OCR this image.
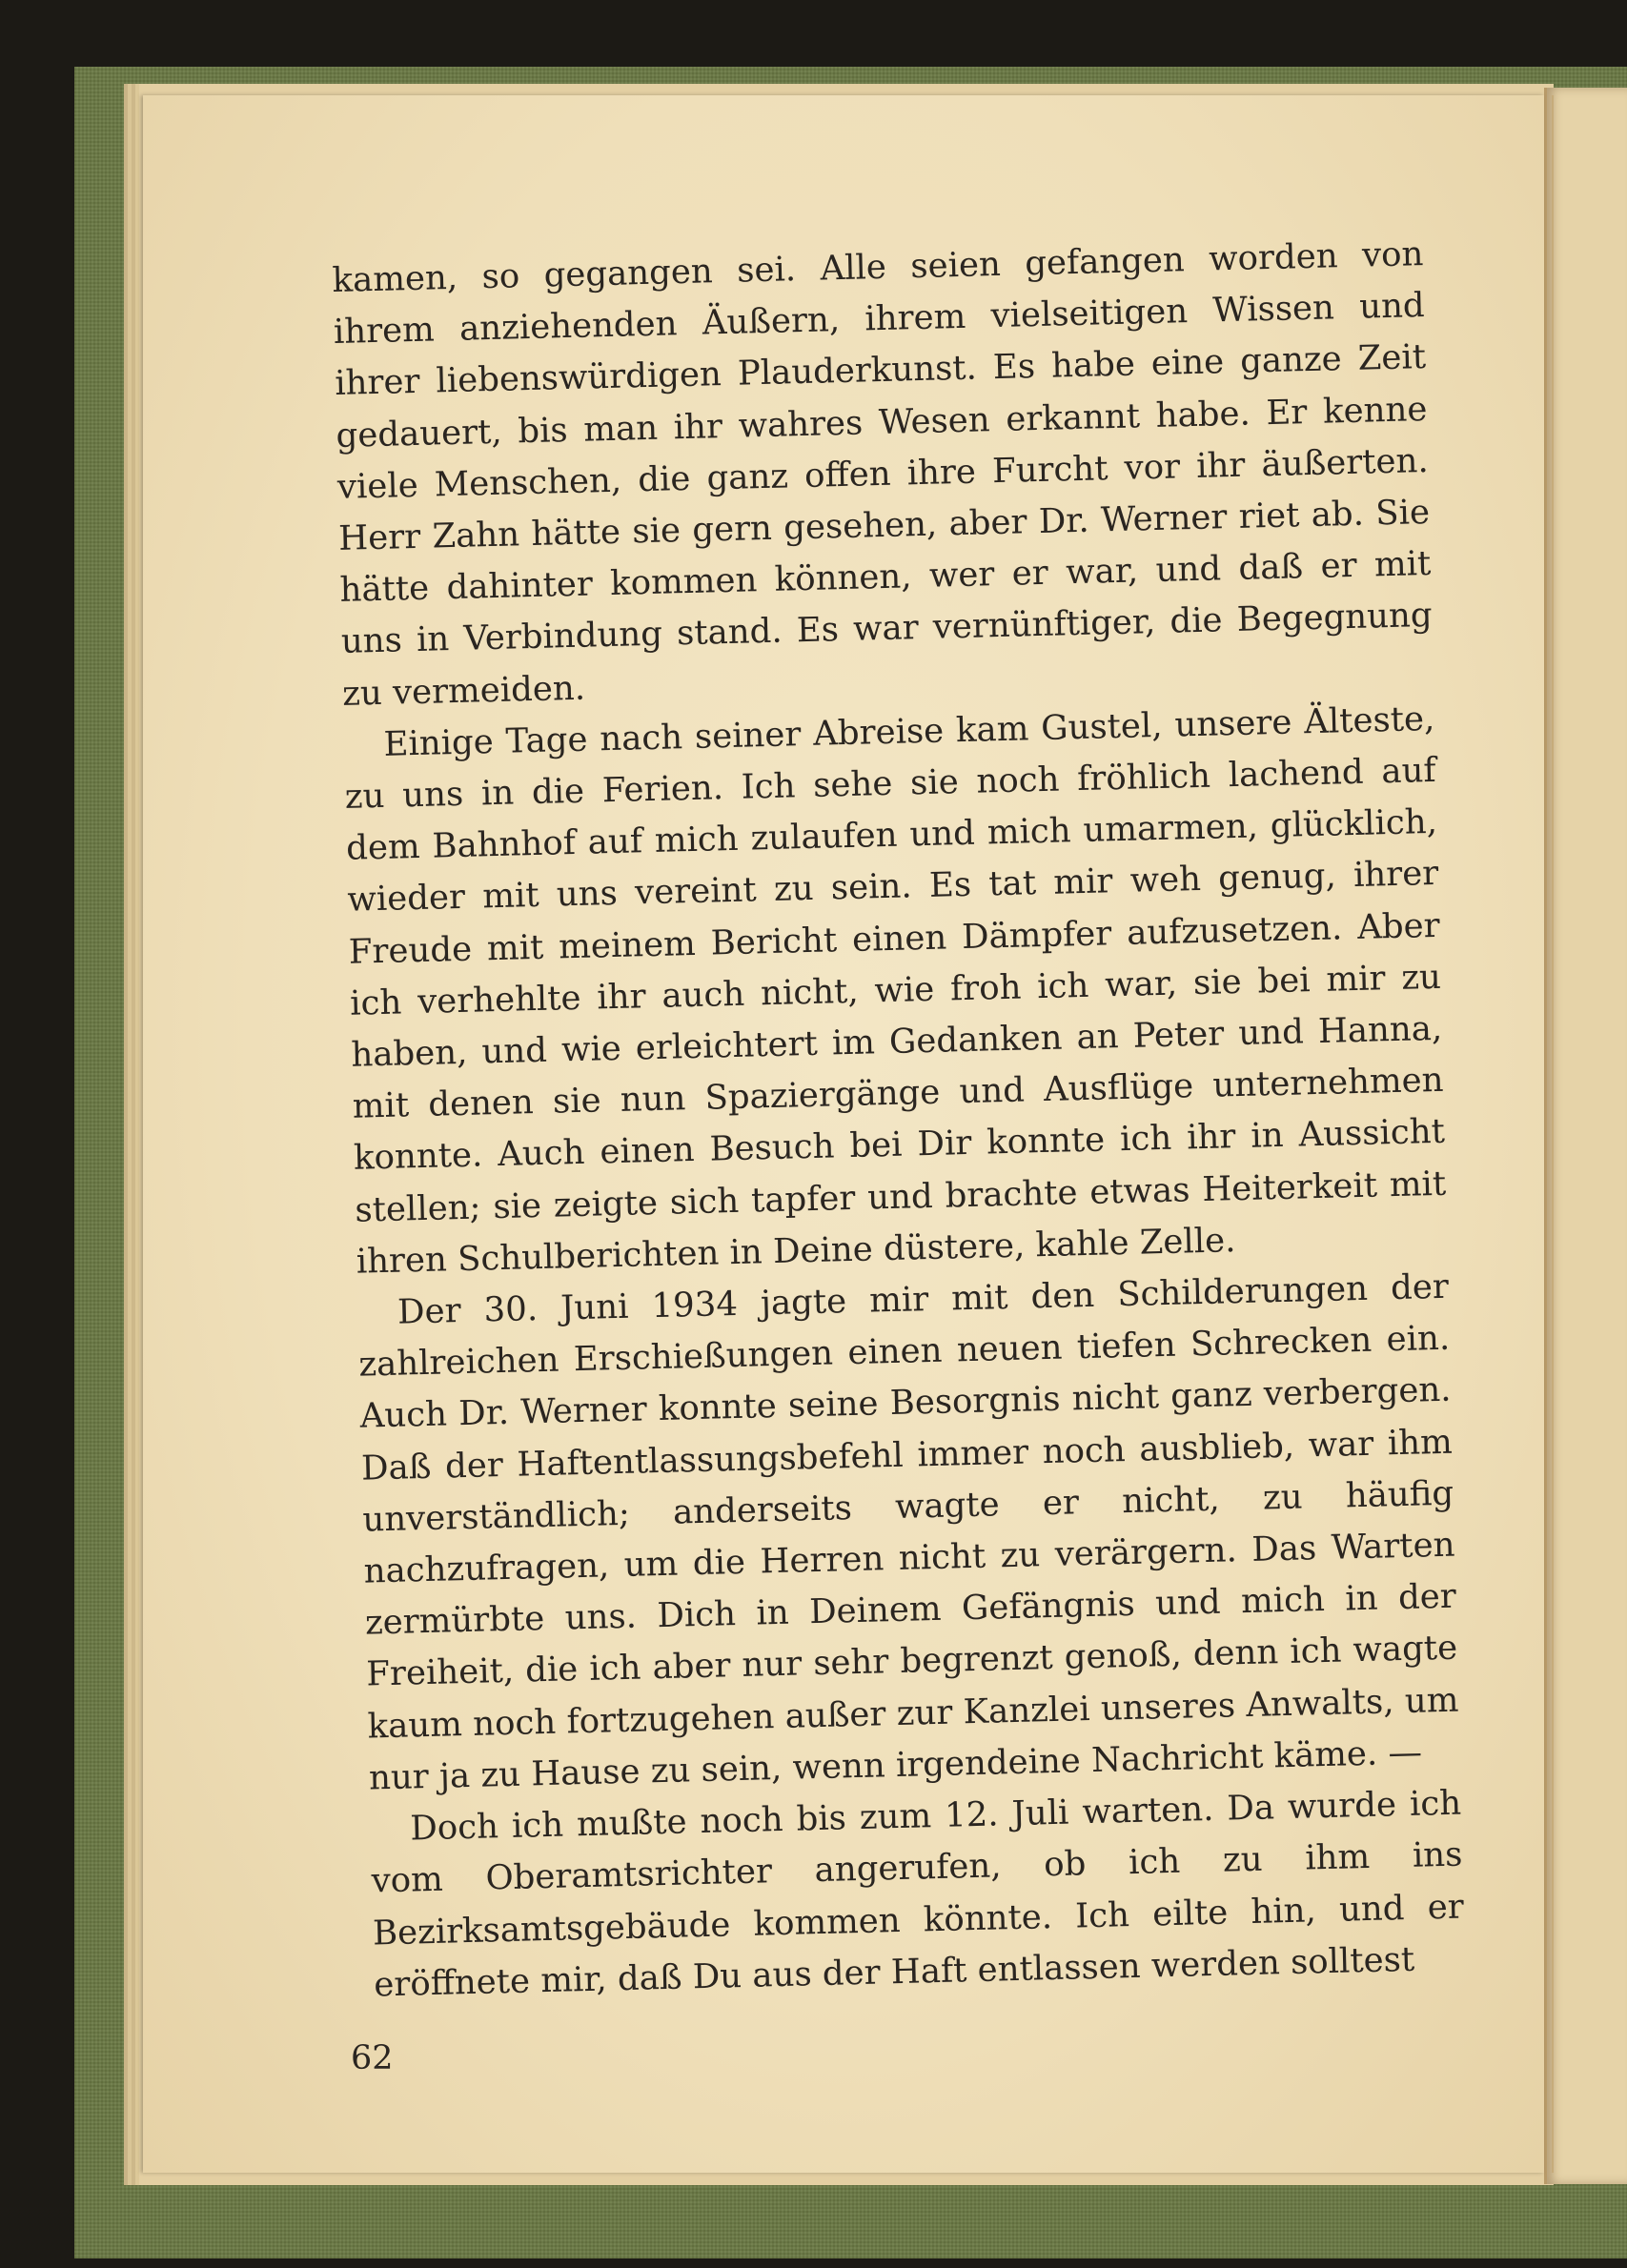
kamen, so gegangen sei. Alle seien gefangen worden von ihrem anziehenden Äußern, ihrem vielseitigen Wissen und ihrer liebenswürdigen Plauderkunst. Es habe eine ganze Zeit gedauert, bis man ihr wahres Wesen erkannt habe. Er kenne viele Menschen, die ganz offen ihre Furcht vor ihr äußerten. Herr Zahn hätte sie gern gesehen, aber Dr. Werner riet ab. Sie hätte dahinter kommen können, wer er war, und daß er mit uns in Verbindung stand. Es war vernünftiger, die Begegnung zu vermeiden.

Einige Tage nach seiner Abreise kam Gustel, unsere Älteste, zu uns in die Ferien. Ich sehe sie noch fröhlich lachend auf dem Bahnhof auf mich zulaufen und mich umarmen, glücklich, wieder mit uns vereint zu sein. Es tat mir weh genug, ihrer Freude mit meinem Bericht einen Dämpfer aufzusetzen. Aber ich verhehlte ihr auch nicht, wie froh ich war, sie bei mir zu haben, und wie erleichtert im Gedanken an Peter und Hanna, mit denen sie nun Spaziergänge und Ausflüge unternehmen konnte. Auch einen Besuch bei Dir konnte ich ihr in Aussicht stellen; sie zeigte sich tapfer und brachte etwas Heiterkeit mit ihren Schulberichten in Deine düstere, kahle Zelle.

Der 30. Juni 1934 jagte mir mit den Schilderungen der zahlreichen Erschießungen einen neuen tiefen Schrecken ein. Auch Dr. Werner konnte seine Besorgnis nicht ganz verbergen. Daß der Haftentlassungsbefehl immer noch ausblieb, war ihm unverständlich; anderseits wagte er nicht, zu häufig nachzufragen, um die Herren nicht zu verärgern. Das Warten zermürbte uns. Dich in Deinem Gefängnis und mich in der Freiheit, die ich aber nur sehr begrenzt genoß, denn ich wagte kaum noch fortzugehen außer zur Kanzlei unseres Anwalts, um nur ja zu Hause zu sein, wenn irgendeine Nachricht käme. —

Doch ich mußte noch bis zum 12. Juli warten. Da wurde ich vom Oberamtsrichter angerufen, ob ich zu ihm ins Bezirksamtsgebäude kommen könnte. Ich eilte hin, und er eröffnete mir, daß Du aus der Haft entlassen werden solltest

62
